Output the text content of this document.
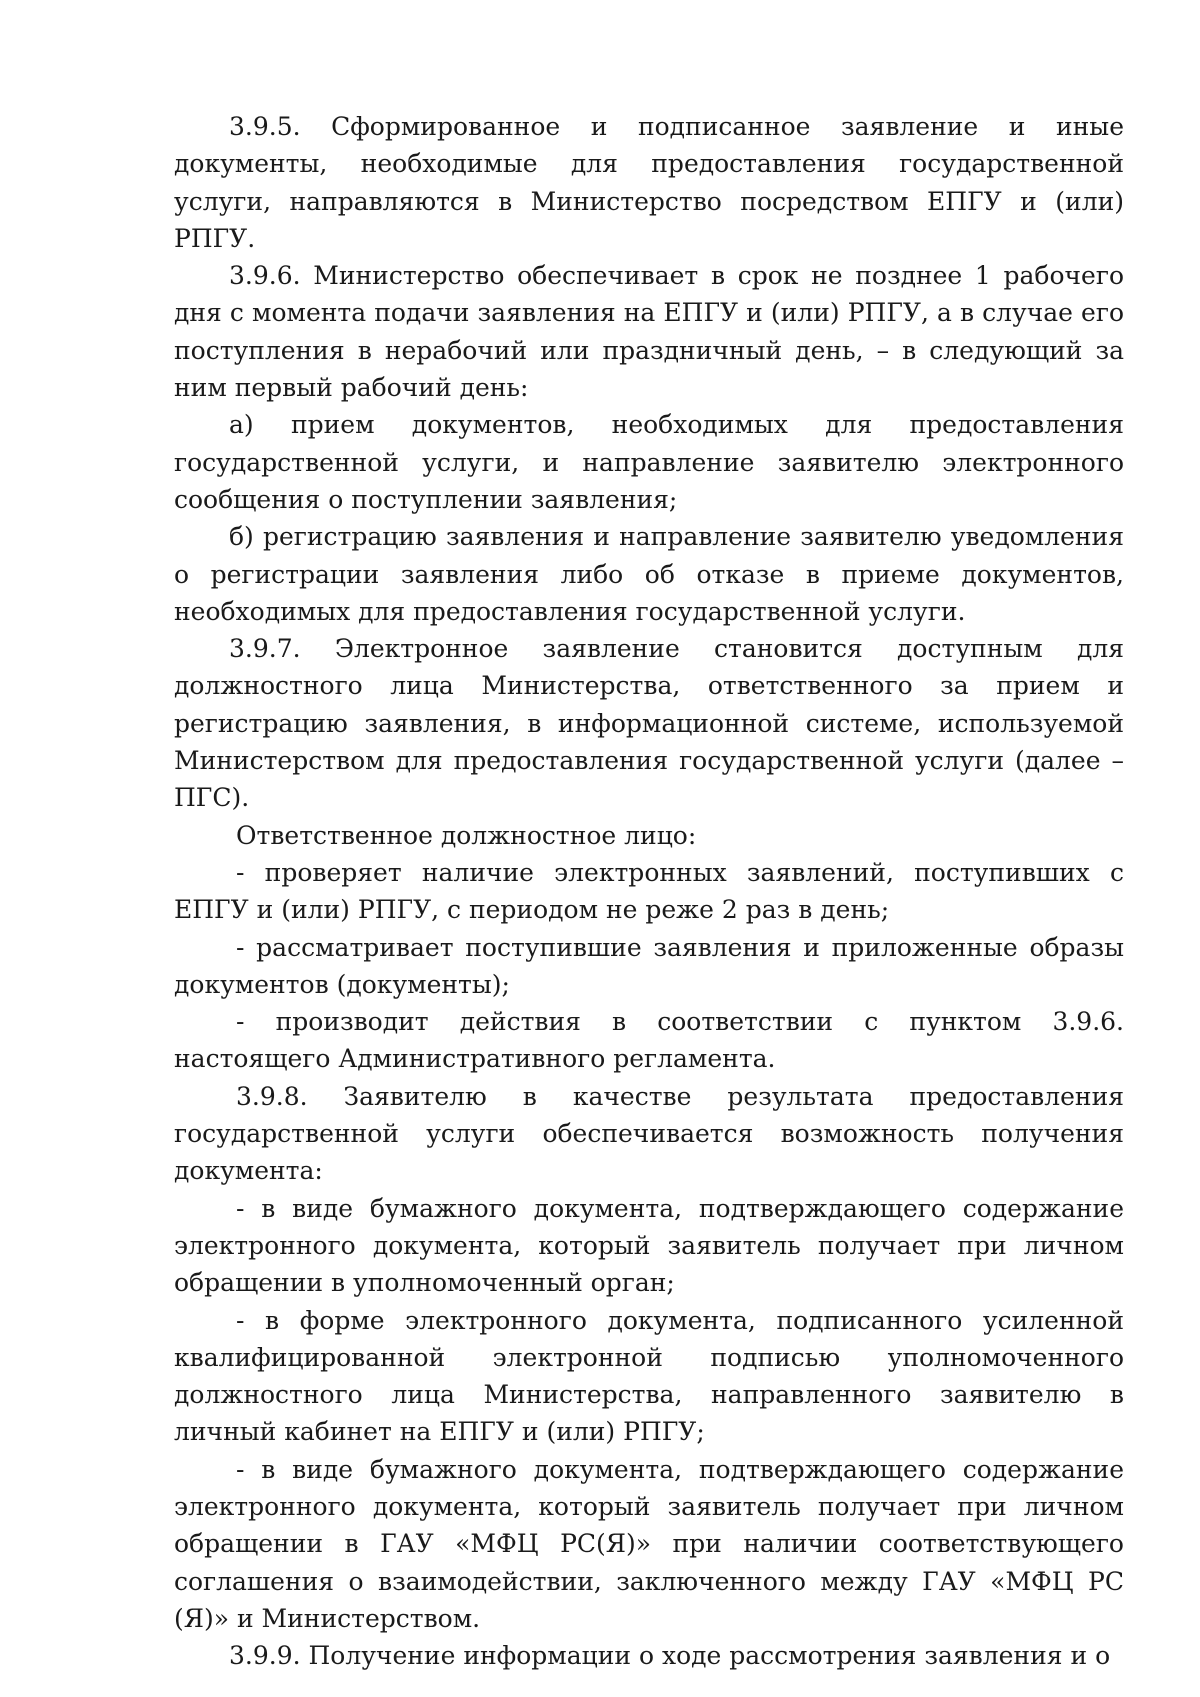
3.9.5. Сформированное и подписанное заявление и иные документы, необходимые для предоставления государственной услуги, направляются в Министерство посредством ЕПГУ и (или) РПГУ.

3.9.6. Министерство обеспечивает в срок не позднее 1 рабочего дня с момента подачи заявления на ЕПГУ и (или) РПГУ, а в случае его поступления в нерабочий или праздничный день, – в следующий за ним первый рабочий день:

а) прием документов, необходимых для предоставления государственной услуги, и направление заявителю электронного сообщения о поступлении заявления;

б) регистрацию заявления и направление заявителю уведомления о регистрации заявления либо об отказе в приеме документов, необходимых для предоставления государственной услуги.

3.9.7. Электронное заявление становится доступным для должностного лица Министерства, ответственного за прием и регистрацию заявления, в информационной системе, используемой Министерством для предоставления государственной услуги (далее – ПГС).

Ответственное должностное лицо:

- проверяет наличие электронных заявлений, поступивших с ЕПГУ и (или) РПГУ, с периодом не реже 2 раз в день;

- рассматривает поступившие заявления и приложенные образы документов (документы);

- производит действия в соответствии с пунктом 3.9.6. настоящего Административного регламента.

3.9.8. Заявителю в качестве результата предоставления государственной услуги обеспечивается возможность получения документа:

- в виде бумажного документа, подтверждающего содержание электронного документа, который заявитель получает при личном обращении в уполномоченный орган;

- в форме электронного документа, подписанного усиленной квалифицированной электронной подписью уполномоченного должностного лица Министерства, направленного заявителю в личный кабинет на ЕПГУ и (или) РПГУ;

- в виде бумажного документа, подтверждающего содержание электронного документа, который заявитель получает при личном обращении в ГАУ «МФЦ РС(Я)» при наличии соответствующего соглашения о взаимодействии, заключенного между ГАУ «МФЦ РС (Я)» и Министерством.

3.9.9. Получение информации о ходе рассмотрения заявления и о
